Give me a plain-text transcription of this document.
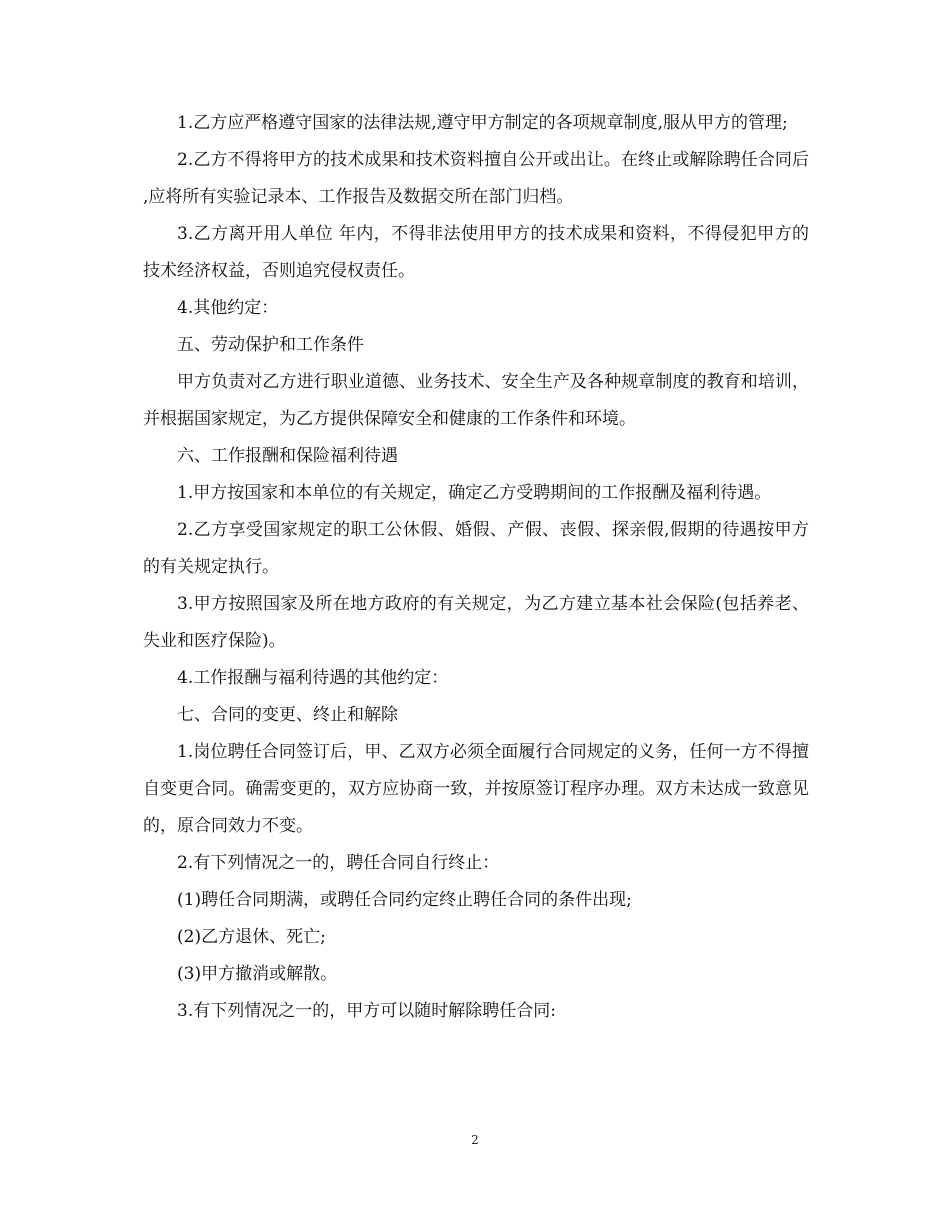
1.乙方应严格遵守国家的法律法规,遵守甲方制定的各项规章制度,服从甲方的管理;

2.乙方不得将甲方的技术成果和技术资料擅自公开或出让。在终止或解除聘任合同后,应将所有实验记录本、工作报告及数据交所在部门归档。

3.乙方离开用人单位 年内，不得非法使用甲方的技术成果和资料，不得侵犯甲方的技术经济权益，否则追究侵权责任。

4.其他约定：

五、劳动保护和工作条件

甲方负责对乙方进行职业道德、业务技术、安全生产及各种规章制度的教育和培训，并根据国家规定，为乙方提供保障安全和健康的工作条件和环境。

六、工作报酬和保险福利待遇

1.甲方按国家和本单位的有关规定，确定乙方受聘期间的工作报酬及福利待遇。

2.乙方享受国家规定的职工公休假、婚假、产假、丧假、探亲假,假期的待遇按甲方的有关规定执行。

3.甲方按照国家及所在地方政府的有关规定，为乙方建立基本社会保险(包括养老、失业和医疗保险)。

4.工作报酬与福利待遇的其他约定：

七、合同的变更、终止和解除

1.岗位聘任合同签订后，甲、乙双方必须全面履行合同规定的义务，任何一方不得擅自变更合同。确需变更的，双方应协商一致，并按原签订程序办理。双方未达成一致意见的，原合同效力不变。

2.有下列情况之一的，聘任合同自行终止：

(1)聘任合同期满，或聘任合同约定终止聘任合同的条件出现;

(2)乙方退休、死亡;

(3)甲方撤消或解散。

3.有下列情况之一的，甲方可以随时解除聘任合同:

2
